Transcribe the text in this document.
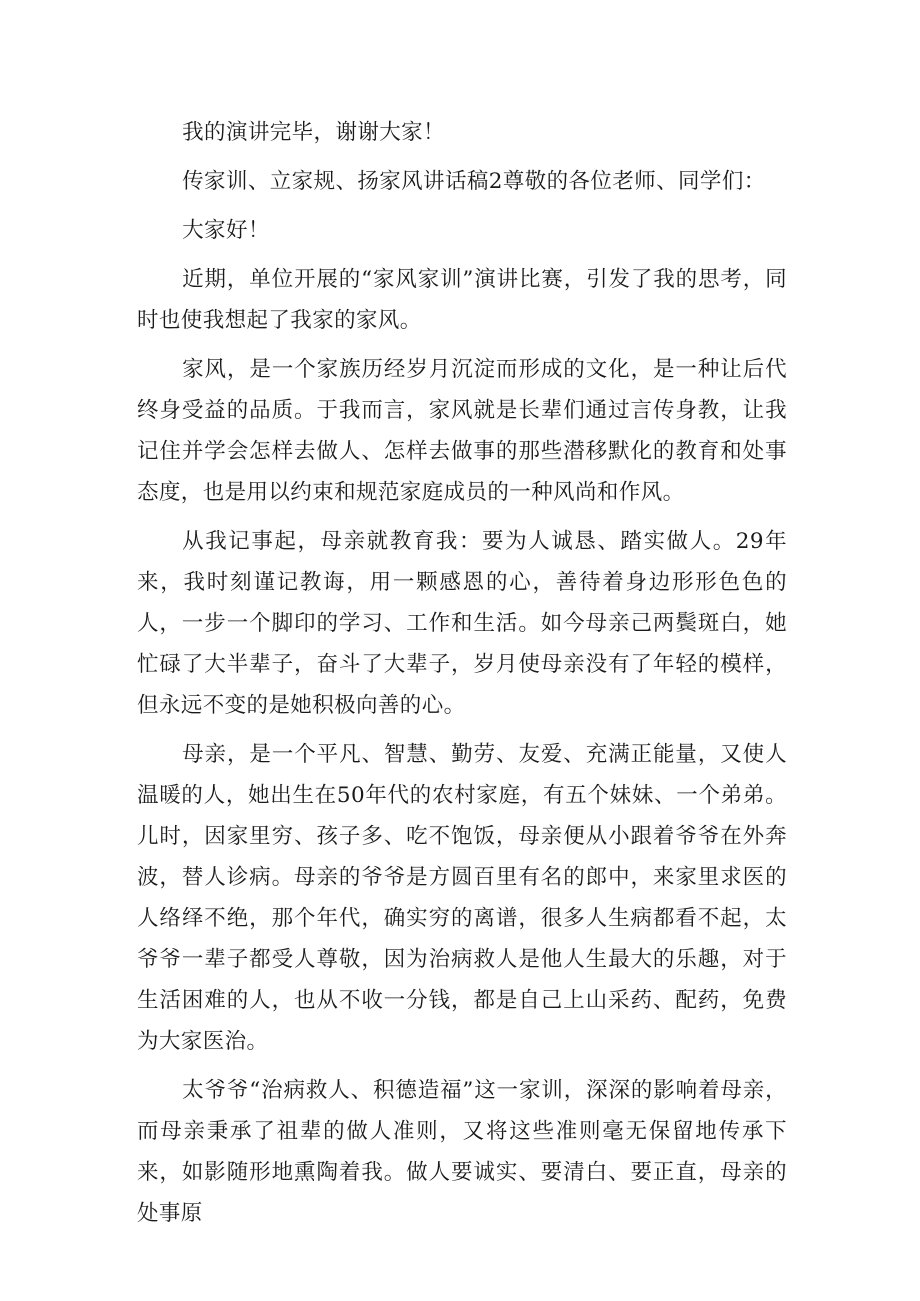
我的演讲完毕，谢谢大家！

传家训、立家规、扬家风讲话稿2尊敬的各位老师、同学们：

大家好！

近期，单位开展的“家风家训”演讲比赛，引发了我的思考，同时也使我想起了我家的家风。

家风，是一个家族历经岁月沉淀而形成的文化，是一种让后代终身受益的品质。于我而言，家风就是长辈们通过言传身教，让我记住并学会怎样去做人、怎样去做事的那些潜移默化的教育和处事态度，也是用以约束和规范家庭成员的一种风尚和作风。

从我记事起，母亲就教育我：要为人诚恳、踏实做人。29年来，我时刻谨记教诲，用一颗感恩的心，善待着身边形形色色的人，一步一个脚印的学习、工作和生活。如今母亲己两鬓斑白，她忙碌了大半辈子，奋斗了大辈子，岁月使母亲没有了年轻的模样，但永远不变的是她积极向善的心。

母亲，是一个平凡、智慧、勤劳、友爱、充满正能量，又使人温暖的人，她出生在50年代的农村家庭，有五个妹妹、一个弟弟。儿时，因家里穷、孩子多、吃不饱饭，母亲便从小跟着爷爷在外奔波，替人诊病。母亲的爷爷是方圆百里有名的郎中，来家里求医的人络绎不绝，那个年代，确实穷的离谱，很多人生病都看不起，太爷爷一辈子都受人尊敬，因为治病救人是他人生最大的乐趣，对于生活困难的人，也从不收一分钱，都是自己上山采药、配药，免费为大家医治。

太爷爷“治病救人、积德造福”这一家训，深深的影响着母亲，而母亲秉承了祖辈的做人准则，又将这些准则毫无保留地传承下来，如影随形地熏陶着我。做人要诚实、要清白、要正直，母亲的处事原
